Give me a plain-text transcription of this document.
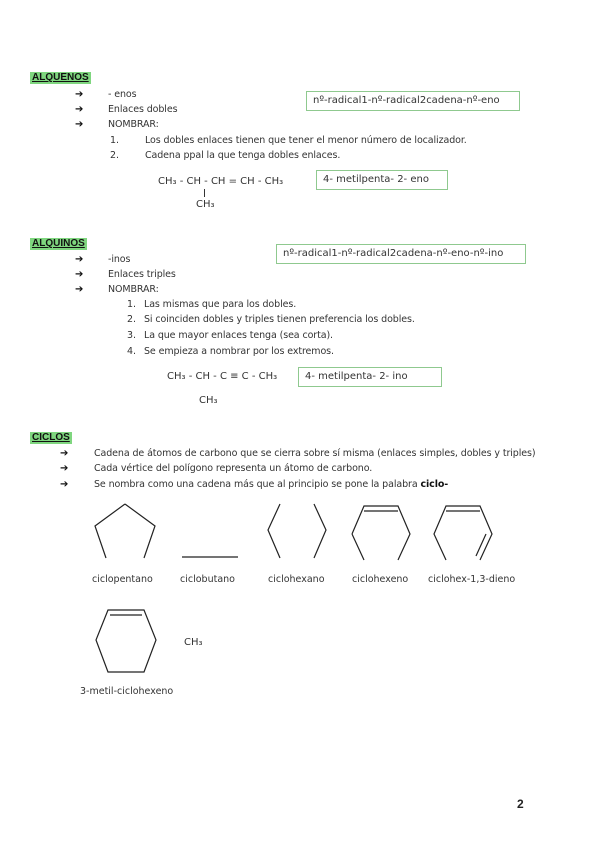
ALQUENOS
➔	- enos
➔	Enlaces dobles
➔	NOMBRAR:
nº-radical1-nº-radical2cadena-nº-eno
1.	Los dobles enlaces tienen que tener el menor número de localizador.
2.	Cadena ppal la que tenga dobles enlaces.
CH₃ - CH - CH = CH - CH₃
CH₃
4- metilpenta- 2- eno
ALQUINOS
➔	-inos
➔	Enlaces triples
➔	NOMBRAR:
nº-radical1-nº-radical2cadena-nº-eno-nº-ino
1. Las mismas que para los dobles.
2. Si coinciden dobles y triples tienen preferencia los dobles.
3. La que mayor enlaces tenga (sea corta).
4. Se empieza a nombrar por los extremos.
CH₃ - CH - C ≡ C - CH₃
CH₃
4- metilpenta- 2- ino
CICLOS
➔	Cadena de átomos de carbono que se cierra sobre sí misma (enlaces simples, dobles y triples)
➔	Cada vértice del polígono representa un átomo de carbono.
➔	Se nombra como una cadena más que al principio se pone la palabra ciclo-
ciclopentano	ciclobutano	ciclohexano	ciclohexeno ciclohex-1,3-dieno
CH₃
3-metil-ciclohexeno
2
